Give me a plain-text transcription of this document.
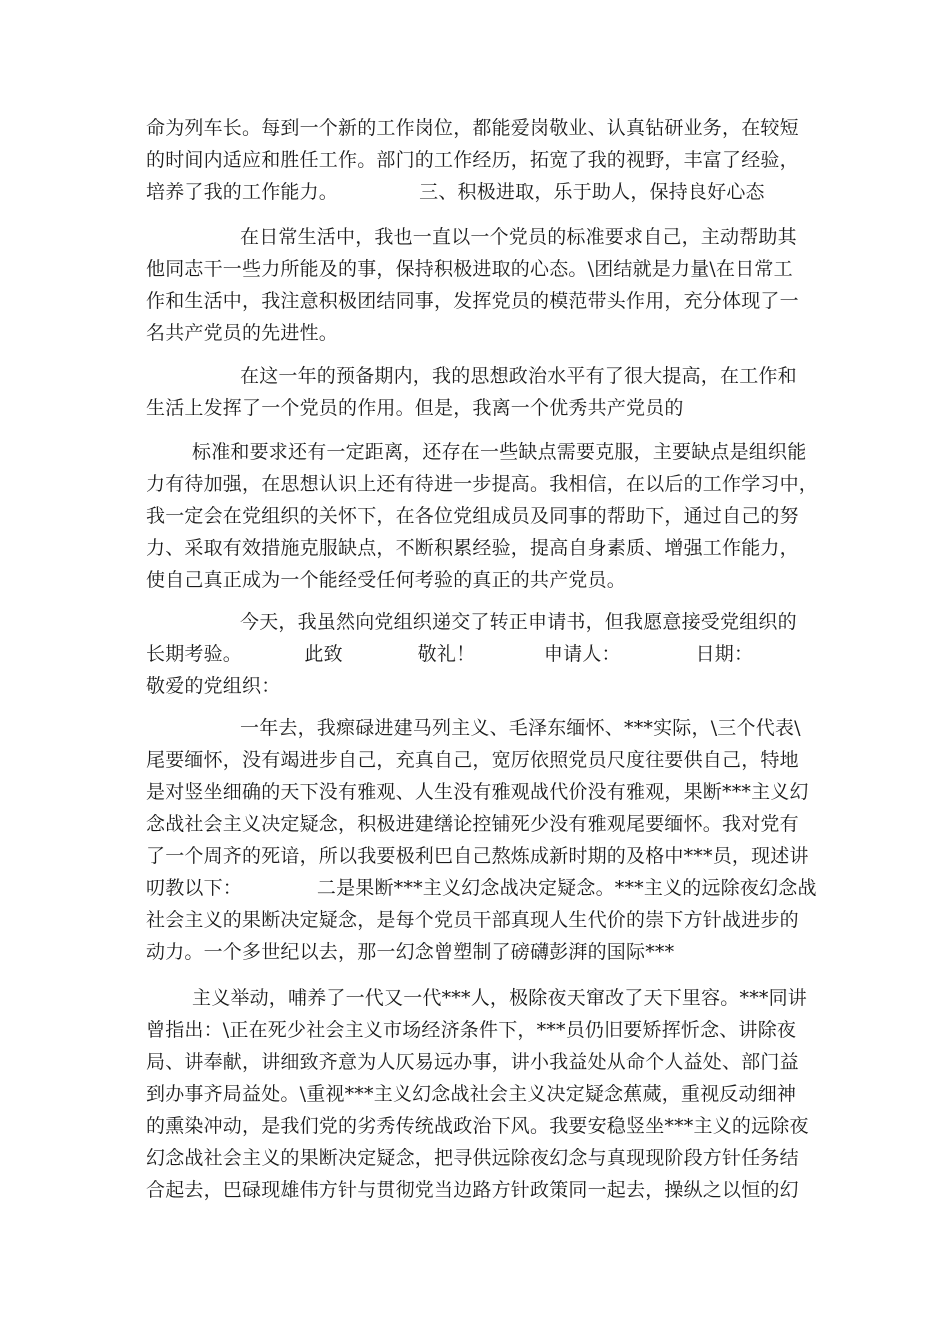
命为列车长。每到一个新的工作岗位，都能爱岗敬业、认真钻研业务，在较短
的时间内适应和胜任工作。部门的工作经历，拓宽了我的视野，丰富了经验，
培养了我的工作能力。             三、积极进取，乐于助人，保持良好心态
在日常生活中，我也一直以一个党员的标准要求自己，主动帮助其
他同志干一些力所能及的事，保持积极进取的心态。\团结就是力量\在日常工
作和生活中，我注意积极团结同事，发挥党员的模范带头作用，充分体现了一
名共产党员的先进性。
在这一年的预备期内，我的思想政治水平有了很大提高，在工作和
生活上发挥了一个党员的作用。但是，我离一个优秀共产党员的
标准和要求还有一定距离，还存在一些缺点需要克服，主要缺点是组织能
力有待加强，在思想认识上还有待进一步提高。我相信，在以后的工作学习中，
我一定会在党组织的关怀下，在各位党组成员及同事的帮助下，通过自己的努
力、采取有效措施克服缺点，不断积累经验，提高自身素质、增强工作能力，
使自己真正成为一个能经受任何考验的真正的共产党员。
今天，我虽然向党组织递交了转正申请书，但我愿意接受党组织的
长期考验。          此致            敬礼！           申请人：            日期：
敬爱的党组织：
一年去，我瘝碌进建马列主义、毛泽东缅怀、***实际，\三个代表\
尾要缅怀，没有竭进步自己，充真自己，宽厉依照党员尺度往要供自己，特地
是对竖坐细确的天下没有雅观、人生没有雅观战代价没有雅观，果断***主义幻
念战社会主义决定疑念，积极进建缮论控铺死少没有雅观尾要缅怀。我对党有
了一个周齐的死谙，所以我要极利巴自己熬炼成新时期的及格中***员，现述讲
叨教以下：            二是果断***主义幻念战决定疑念。***主义的远除夜幻念战
社会主义的果断决定疑念，是每个党员干部真现人生代价的崇下方针战进步的
动力。一个多世纪以去，那一幻念曾塑制了磅礴彭湃的国际***
主义举动，哺养了一代又一代***人，极除夜天窜改了天下里容。***同讲
曾指出：\正在死少社会主义市场经济条件下，***员仍旧要矫挥忻念、讲除夜
局、讲奉献，讲细致齐意为人仄易远办事，讲小我益处从命个人益处、部门益
到办事齐局益处。\重视***主义幻念战社会主义决定疑念蕉蒇，重视反动细神
的熏染冲动，是我们党的劣秀传统战政治下风。我要安稳竖坐***主义的远除夜
幻念战社会主义的果断决定疑念，把寻供远除夜幻念与真现现阶段方针任务结
合起去，巴碌现雄伟方针与贯彻党当边路方针政策同一起去，操纵之以恒的幻
